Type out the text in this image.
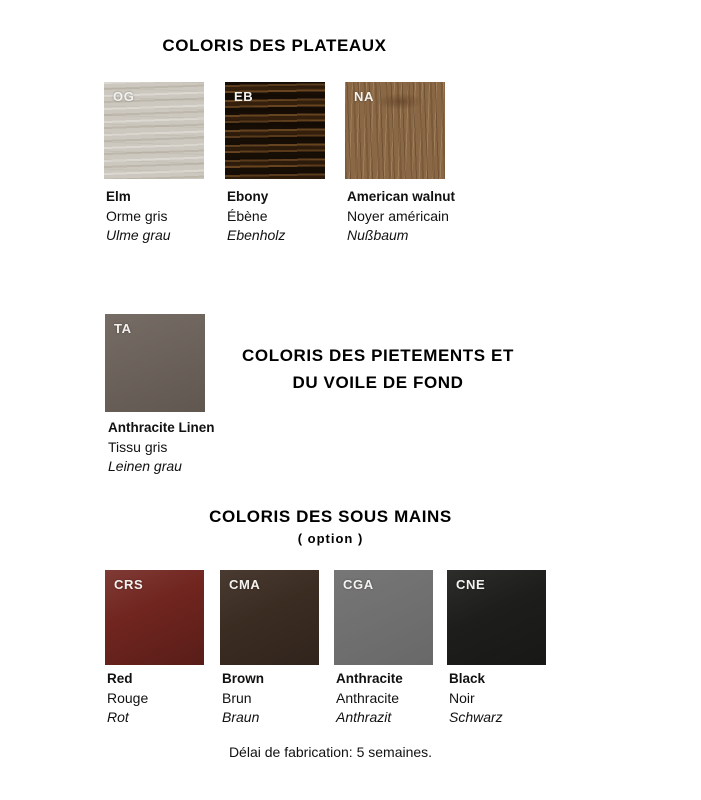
COLORIS DES PLATEAUX
OG	EB	NA
Elm
Orme gris
Ulme grau
Ebony
Ébène
Ebenholz
American walnut
Noyer américain
Nußbaum
TA
COLORIS DES PIETEMENTS ET
DU VOILE DE FOND
Anthracite Linen
Tissu gris
Leinen grau
COLORIS DES SOUS MAINS

( option )

CRS	CMA	CGA	CNE
Red
Rouge
Rot
Brown
Brun
Braun
Anthracite
Anthracite
Anthrazit
Black
Noir
Schwarz
Délai de fabrication: 5 semaines.
